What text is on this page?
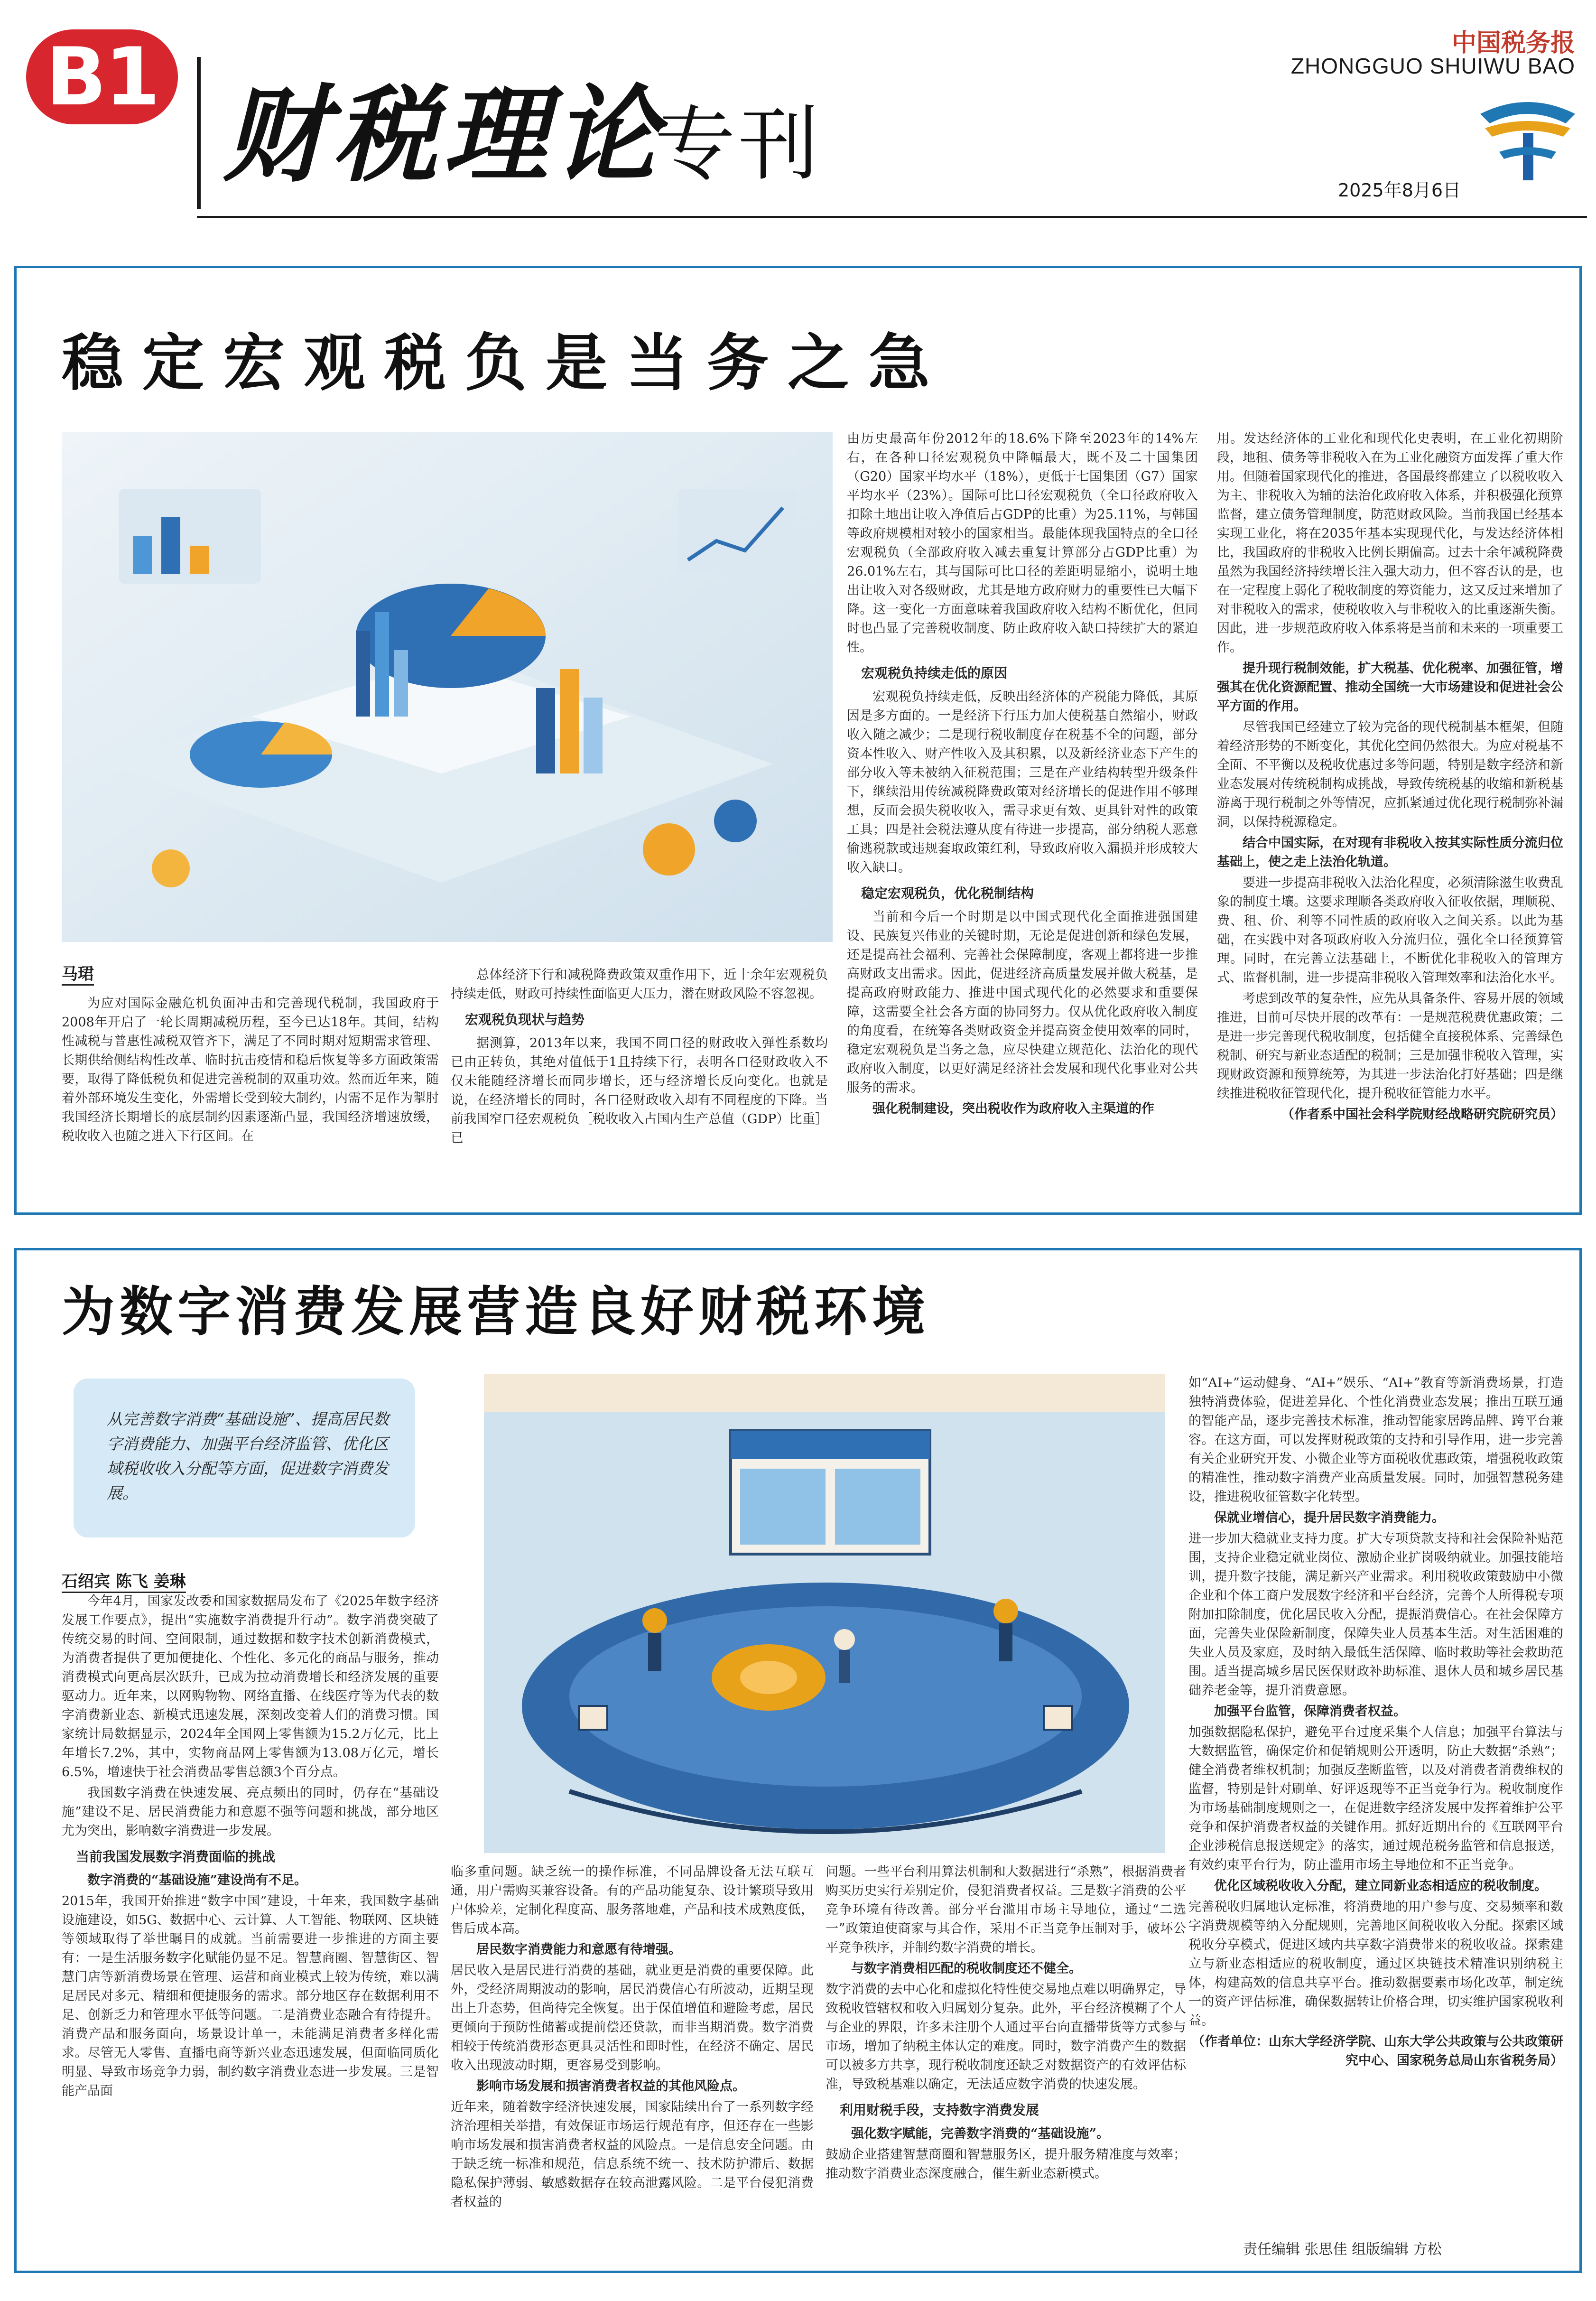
B1 财税理论
专刊
中国税务报
ZHONGGUO SHUIWU BAO
2025年8月6日
稳定宏观税负是当务之急
马珺

为应对国际金融危机负面冲击和完善现代税制，我国政府于2008年开启了一轮长周期减税历程，至今已达18年。其间，结构性减税与普惠性减税双管齐下，满足了不同时期对短期需求管理、长期供给侧结构性改革、临时抗击疫情和稳后恢复等多方面政策需要，取得了降低税负和促进完善税制的双重功效。然而近年来，随着外部环境发生变化，外需增长受到较大制约，内需不足作为掣肘我国经济长期增长的底层制约因素逐渐凸显，我国经济增速放缓，税收收入也随之进入下行区间。在

总体经济下行和减税降费政策双重作用下，近十余年宏观税负持续走低，财政可持续性面临更大压力，潜在财政风险不容忽视。

宏观税负现状与趋势

据测算，2013年以来，我国不同口径的财政收入弹性系数均已由正转负，其绝对值低于1且持续下行，表明各口径财政收入不仅未能随经济增长而同步增长，还与经济增长反向变化。也就是说，在经济增长的同时，各口径财政收入却有不同程度的下降。当前我国窄口径宏观税负［税收收入占国内生产总值（GDP）比重］已

由历史最高年份2012年的18.6%下降至2023年的14%左右，在各种口径宏观税负中降幅最大，既不及二十国集团（G20）国家平均水平（18%），更低于七国集团（G7）国家平均水平（23%）。国际可比口径宏观税负（全口径政府收入扣除土地出让收入净值后占GDP的比重）为25.11%，与韩国等政府规模相对较小的国家相当。最能体现我国特点的全口径宏观税负（全部政府收入减去重复计算部分占GDP比重）为26.01%左右，其与国际可比口径的差距明显缩小，说明土地出让收入对各级财政，尤其是地方政府财力的重要性已大幅下降。这一变化一方面意味着我国政府收入结构不断优化，但同时也凸显了完善税收制度、防止政府收入缺口持续扩大的紧迫性。

宏观税负持续走低的原因

宏观税负持续走低，反映出经济体的产税能力降低，其原因是多方面的。一是经济下行压力加大使税基自然缩小，财政收入随之减少；二是现行税收制度存在税基不全的问题，部分资本性收入、财产性收入及其积累，以及新经济业态下产生的部分收入等未被纳入征税范围；三是在产业结构转型升级条件下，继续沿用传统减税降费政策对经济增长的促进作用不够理想，反而会损失税收收入，需寻求更有效、更具针对性的政策工具；四是社会税法遵从度有待进一步提高，部分纳税人恶意偷逃税款或违规套取政策红利，导致政府收入漏损并形成较大收入缺口。

稳定宏观税负，优化税制结构

当前和今后一个时期是以中国式现代化全面推进强国建设、民族复兴伟业的关键时期，无论是促进创新和绿色发展，还是提高社会福利、完善社会保障制度，客观上都将进一步推高财政支出需求。因此，促进经济高质量发展并做大税基，是提高政府财政能力、推进中国式现代化的必然要求和重要保障，这需要全社会各方面的协同努力。仅从优化政府收入制度的角度看，在统筹各类财政资金并提高资金使用效率的同时，稳定宏观税负是当务之急，应尽快建立规范化、法治化的现代政府收入制度，以更好满足经济社会发展和现代化事业对公共服务的需求。

强化税制建设，突出税收作为政府收入主渠道的作

用。发达经济体的工业化和现代化史表明，在工业化初期阶段，地租、债务等非税收入在为工业化融资方面发挥了重大作用。但随着国家现代化的推进，各国最终都建立了以税收收入为主、非税收入为辅的法治化政府收入体系，并积极强化预算监督，建立债务管理制度，防范财政风险。当前我国已经基本实现工业化，将在2035年基本实现现代化，与发达经济体相比，我国政府的非税收入比例长期偏高。过去十余年减税降费虽然为我国经济持续增长注入强大动力，但不容否认的是，也在一定程度上弱化了税收制度的筹资能力，这又反过来增加了对非税收入的需求，使税收收入与非税收入的比重逐渐失衡。因此，进一步规范政府收入体系将是当前和未来的一项重要工作。

提升现行税制效能，扩大税基、优化税率、加强征管，增强其在优化资源配置、推动全国统一大市场建设和促进社会公平方面的作用。

尽管我国已经建立了较为完备的现代税制基本框架，但随着经济形势的不断变化，其优化空间仍然很大。为应对税基不全面、不平衡以及税收优惠过多等问题，特别是数字经济和新业态发展对传统税制构成挑战，导致传统税基的收缩和新税基游离于现行税制之外等情况，应抓紧通过优化现行税制弥补漏洞，以保持税源稳定。

结合中国实际，在对现有非税收入按其实际性质分流归位基础上，使之走上法治化轨道。

要进一步提高非税收入法治化程度，必须清除滋生收费乱象的制度土壤。这要求理顺各类政府收入征收依据，理顺税、费、租、价、利等不同性质的政府收入之间关系。以此为基础，在实践中对各项政府收入分流归位，强化全口径预算管理。同时，在完善立法基础上，不断优化非税收入的管理方式、监督机制，进一步提高非税收入管理效率和法治化水平。

考虑到改革的复杂性，应先从具备条件、容易开展的领域推进，目前可尽快开展的改革有：一是规范税费优惠政策；二是进一步完善现代税收制度，包括健全直接税体系、完善绿色税制、研究与新业态适配的税制；三是加强非税收入管理，实现财政资源和预算统筹，为其进一步法治化打好基础；四是继续推进税收征管现代化，提升税收征管能力水平。

（作者系中国社会科学院财经战略研究院研究员）

为数字消费发展营造良好财税环境
从完善数字消费“基础设施”、提高居民数字消费能力、加强平台经济监管、优化区域税收收入分配等方面，促进数字消费发展。
石绍宾 陈飞 姜琳

今年4月，国家发改委和国家数据局发布了《2025年数字经济发展工作要点》，提出“实施数字消费提升行动”。数字消费突破了传统交易的时间、空间限制，通过数据和数字技术创新消费模式，为消费者提供了更加便捷化、个性化、多元化的商品与服务，推动消费模式向更高层次跃升，已成为拉动消费增长和经济发展的重要驱动力。近年来，以网购物物、网络直播、在线医疗等为代表的数字消费新业态、新模式迅速发展，深刻改变着人们的消费习惯。国家统计局数据显示，2024年全国网上零售额为15.2万亿元，比上年增长7.2%，其中，实物商品网上零售额为13.08万亿元，增长6.5%，增速快于社会消费品零售总额3个百分点。

我国数字消费在快速发展、亮点频出的同时，仍存在“基础设施”建设不足、居民消费能力和意愿不强等问题和挑战，部分地区尤为突出，影响数字消费进一步发展。

当前我国发展数字消费面临的挑战

数字消费的“基础设施”建设尚有不足。

2015年，我国开始推进“数字中国”建设，十年来，我国数字基础设施建设，如5G、数据中心、云计算、人工智能、物联网、区块链等领域取得了举世瞩目的成就。当前需要进一步推进的方面主要有：一是生活服务数字化赋能仍显不足。智慧商圈、智慧街区、智慧门店等新消费场景在管理、运营和商业模式上较为传统，难以满足居民对多元、精细和便捷服务的需求。部分地区存在数据利用不足、创新乏力和管理水平低等问题。二是消费业态融合有待提升。消费产品和服务面向，场景设计单一，未能满足消费者多样化需求。尽管无人零售、直播电商等新兴业态迅速发展，但面临同质化明显、导致市场竞争力弱，制约数字消费业态进一步发展。三是智能产品面

临多重问题。缺乏统一的操作标准，不同品牌设备无法互联互通，用户需购买兼容设备。有的产品功能复杂、设计繁琐导致用户体验差，定制化程度高、服务落地难，产品和技术成熟度低，售后成本高。

居民数字消费能力和意愿有待增强。

居民收入是居民进行消费的基础，就业更是消费的重要保障。此外，受经济周期波动的影响，居民消费信心有所波动，近期呈现出上升态势，但尚待完全恢复。出于保值增值和避险考虑，居民更倾向于预防性储蓄或提前偿还贷款，而非当期消费。数字消费相较于传统消费形态更具灵活性和即时性，在经济不确定、居民收入出现波动时期，更容易受到影响。

影响市场发展和损害消费者权益的其他风险点。

近年来，随着数字经济快速发展，国家陆续出台了一系列数字经济治理相关举措，有效保证市场运行规范有序，但还存在一些影响市场发展和损害消费者权益的风险点。一是信息安全问题。由于缺乏统一标准和规范，信息系统不统一、技术防护滞后、数据隐私保护薄弱、敏感数据存在较高泄露风险。二是平台侵犯消费者权益的

问题。一些平台利用算法机制和大数据进行“杀熟”，根据消费者购买历史实行差别定价，侵犯消费者权益。三是数字消费的公平竞争环境有待改善。部分平台滥用市场主导地位，通过“二选一”政策迫使商家与其合作，采用不正当竞争压制对手，破坏公平竞争秩序，并制约数字消费的增长。

与数字消费相匹配的税收制度还不健全。

数字消费的去中心化和虚拟化特性使交易地点难以明确界定，导致税收管辖权和收入归属划分复杂。此外，平台经济模糊了个人与企业的界限，许多未注册个人通过平台向直播带货等方式参与市场，增加了纳税主体认定的难度。同时，数字消费产生的数据可以被多方共享，现行税收制度还缺乏对数据资产的有效评估标准，导致税基难以确定，无法适应数字消费的快速发展。

利用财税手段，支持数字消费发展

强化数字赋能，完善数字消费的“基础设施”。

鼓励企业搭建智慧商圈和智慧服务区，提升服务精准度与效率；推动数字消费业态深度融合，催生新业态新模式。

如“AI+”运动健身、“AI+”娱乐、“AI+”教育等新消费场景，打造独特消费体验，促进差异化、个性化消费业态发展；推出互联互通的智能产品，逐步完善技术标准，推动智能家居跨品牌、跨平台兼容。在这方面，可以发挥财税政策的支持和引导作用，进一步完善有关企业研究开发、小微企业等方面税收优惠政策，增强税收政策的精准性，推动数字消费产业高质量发展。同时，加强智慧税务建设，推进税收征管数字化转型。

保就业增信心，提升居民数字消费能力。

进一步加大稳就业支持力度。扩大专项贷款支持和社会保险补贴范围，支持企业稳定就业岗位、激励企业扩岗吸纳就业。加强技能培训，提升数字技能，满足新兴产业需求。利用税收政策鼓励中小微企业和个体工商户发展数字经济和平台经济，完善个人所得税专项附加扣除制度，优化居民收入分配，提振消费信心。在社会保障方面，完善失业保险新制度，保障失业人员基本生活。对生活困难的失业人员及家庭，及时纳入最低生活保障、临时救助等社会救助范围。适当提高城乡居民医保财政补助标准、退休人员和城乡居民基础养老金等，提升消费意愿。

加强平台监管，保障消费者权益。

加强数据隐私保护，避免平台过度采集个人信息；加强平台算法与大数据监管，确保定价和促销规则公开透明，防止大数据“杀熟”；健全消费者维权机制；加强反垄断监管，以及对消费者消费维权的监督，特别是针对刷单、好评返现等不正当竞争行为。税收制度作为市场基础制度规则之一，在促进数字经济发展中发挥着维护公平竞争和保护消费者权益的关键作用。抓好近期出台的《互联网平台企业涉税信息报送规定》的落实，通过规范税务监管和信息报送，有效约束平台行为，防止滥用市场主导地位和不正当竞争。

优化区域税收收入分配，建立同新业态相适应的税收制度。

完善税收归属地认定标准，将消费地的用户参与度、交易频率和数字消费规模等纳入分配规则，完善地区间税收收入分配。探索区域税收分享模式，促进区域内共享数字消费带来的税收收益。探索建立与新业态相适应的税收制度，通过区块链技术精准识别纳税主体，构建高效的信息共享平台。推动数据要素市场化改革，制定统一的资产评估标准，确保数据转让价格合理，切实维护国家税收利益。

（作者单位：山东大学经济学院、山东大学公共政策与公共政策研究中心、国家税务总局山东省税务局）

责任编辑 张思佳 组版编辑 方松
